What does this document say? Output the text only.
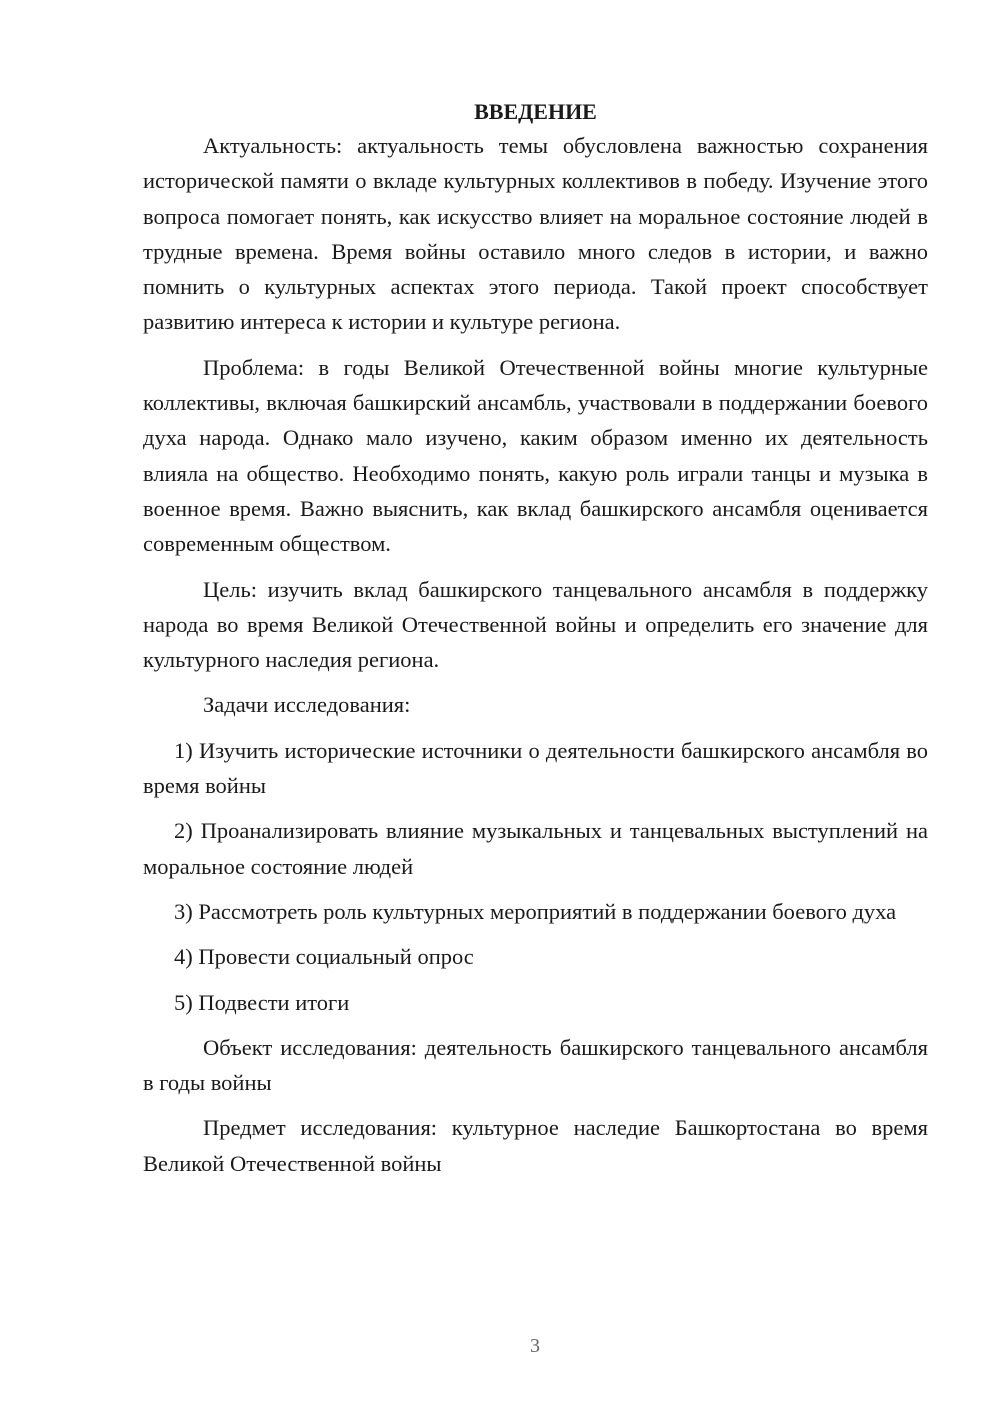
ВВЕДЕНИЕ

Актуальность: актуальность темы обусловлена важностью сохранения исторической памяти о вкладе культурных коллективов в победу. Изучение этого вопроса помогает понять, как искусство влияет на моральное состояние людей в трудные времена. Время войны оставило много следов в истории, и важно помнить о культурных аспектах этого периода. Такой проект способствует развитию интереса к истории и культуре региона.

Проблема: в годы Великой Отечественной войны многие культурные коллективы, включая башкирский ансамбль, участвовали в поддержании боевого духа народа. Однако мало изучено, каким образом именно их деятельность влияла на общество. Необходимо понять, какую роль играли танцы и музыка в военное время. Важно выяснить, как вклад башкирского ансамбля оценивается современным обществом.

Цель: изучить вклад башкирского танцевального ансамбля в поддержку народа во время Великой Отечественной войны и определить его значение для культурного наследия региона.

Задачи исследования:

1) Изучить исторические источники о деятельности башкирского ансамбля во время войны

2) Проанализировать влияние музыкальных и танцевальных выступлений на моральное состояние людей

3) Рассмотреть роль культурных мероприятий в поддержании боевого духа

4) Провести социальный опрос

5) Подвести итоги

Объект исследования: деятельность башкирского танцевального ансамбля в годы войны

Предмет исследования: культурное наследие Башкортостана во время Великой Отечественной войны

3
